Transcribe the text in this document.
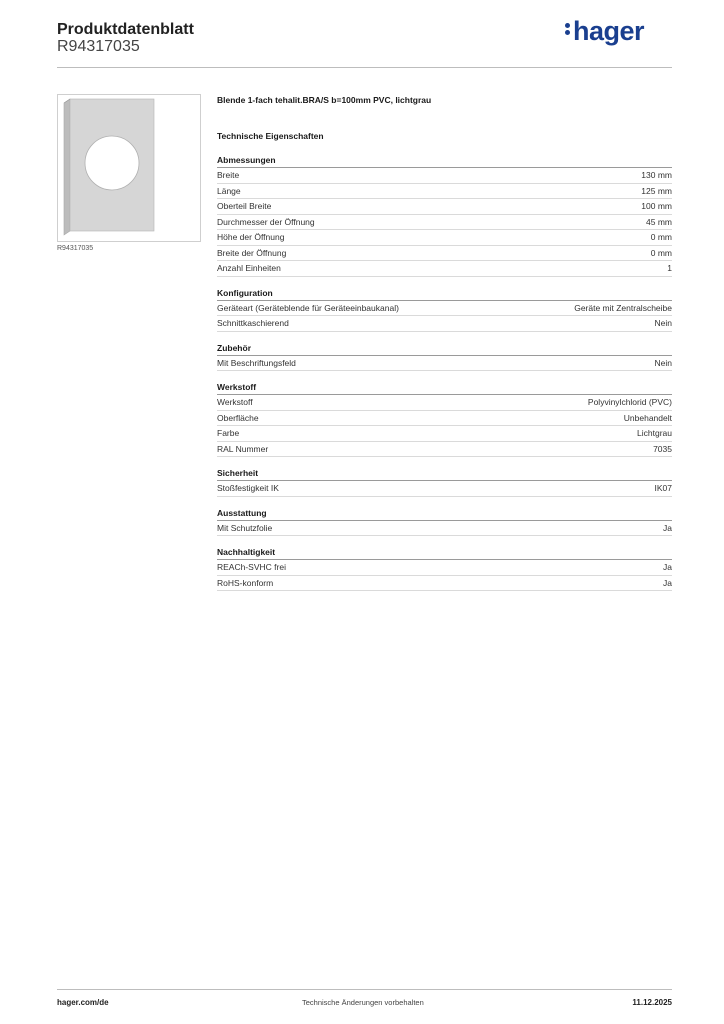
Produktdatenblatt
R94317035
hager
R94317035
Blende 1-fach tehalit.BRA/S b=100mm PVC, lichtgrau
Technische Eigenschaften
Abmessungen
Breite	130 mm
Länge	125 mm
Oberteil Breite	100 mm
Durchmesser der Öffnung	45 mm
Höhe der Öffnung	0 mm
Breite der Öffnung	0 mm
Anzahl Einheiten	1
Konfiguration
Geräteart (Geräteblende für Geräteeinbaukanal)	Geräte mit Zentralscheibe
Schnittkaschierend	Nein
Zubehör
Mit Beschriftungsfeld	Nein
Werkstoff
Werkstoff	Polyvinylchlorid (PVC)
Oberfläche	Unbehandelt
Farbe	Lichtgrau
RAL Nummer	7035
Sicherheit
Stoßfestigkeit IK	IK07
Ausstattung
Mit Schutzfolie	Ja
Nachhaltigkeit
REACh-SVHC frei	Ja
RoHS-konform	Ja
hager.com/de	Technische Änderungen vorbehalten	11.12.2025
